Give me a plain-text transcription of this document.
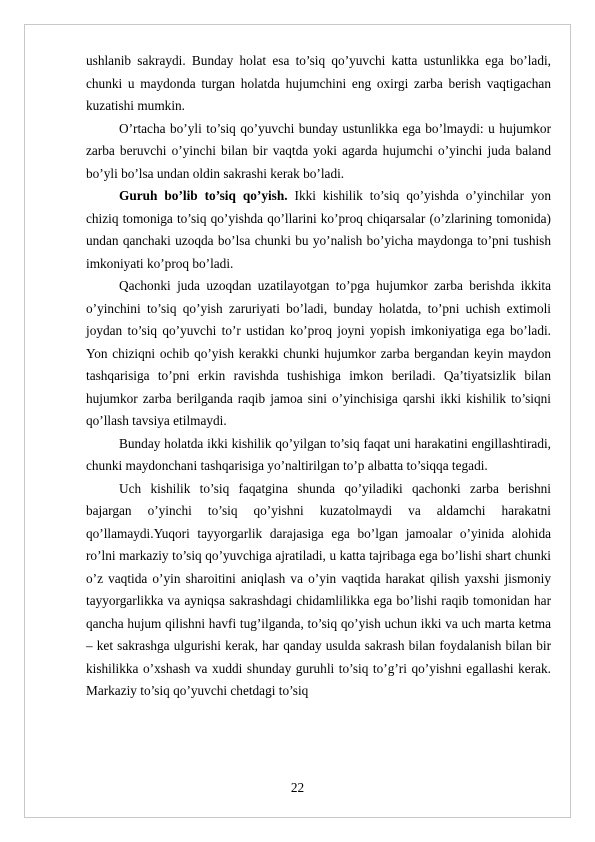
ushlanib sakraydi. Bunday holat esa to’siq qo’yuvchi katta ustunlikka ega bo’ladi, chunki u maydonda turgan holatda hujumchini eng oxirgi zarba berish vaqtigachan kuzatishi mumkin.

O’rtacha bo’yli to’siq qo’yuvchi bunday ustunlikka ega bo’lmaydi: u hujumkor zarba beruvchi o’yinchi bilan bir vaqtda yoki agarda hujumchi o’yinchi juda baland bo’yli bo’lsa undan oldin sakrashi kerak bo’ladi.

Guruh bo’lib to’siq qo’yish. Ikki kishilik to’siq qo’yishda o’yinchilar yon chiziq tomoniga to’siq qo’yishda qo’llarini ko’proq chiqarsalar (o’zlarining tomonida) undan qanchaki uzoqda bo’lsa chunki bu yo’nalish bo’yicha maydonga to’pni tushish imkoniyati ko’proq bo’ladi.

Qachonki juda uzoqdan uzatilayotgan to’pga hujumkor zarba berishda ikkita o’yinchini to’siq qo’yish zaruriyati bo’ladi, bunday holatda, to’pni uchish extimoli joydan to’siq qo’yuvchi to’r ustidan ko’proq joyni yopish imkoniyatiga ega bo’ladi. Yon chiziqni ochib qo’yish kerakki chunki hujumkor zarba bergandan keyin maydon tashqarisiga to’pni erkin ravishda tushishiga imkon beriladi. Qa’tiyatsizlik bilan hujumkor zarba berilganda raqib jamoa sini o’yinchisiga qarshi ikki kishilik to’siqni qo’llash tavsiya etilmaydi.

Bunday holatda ikki kishilik qo’yilgan to’siq faqat uni harakatini engillashtiradi, chunki maydonchani tashqarisiga yo’naltirilgan to’p albatta to’siqqa tegadi.

Uch kishilik to’siq faqatgina shunda qo’yiladiki qachonki zarba berishni bajargan o’yinchi to’siq qo’yishni kuzatolmaydi va aldamchi harakatni qo’llamaydi.Yuqori tayyorgarlik darajasiga ega bo’lgan jamoalar o’yinida alohida ro’lni markaziy to’siq qo’yuvchiga ajratiladi, u katta tajribaga ega bo’lishi shart chunki o’z vaqtida o’yin sharoitini aniqlash va o’yin vaqtida harakat qilish yaxshi jismoniy tayyorgarlikka va ayniqsa sakrashdagi chidamlilikka ega bo’lishi raqib tomonidan har qancha hujum qilishni havfi tug’ilganda, to’siq qo’yish uchun ikki va uch marta ketma – ket sakrashga ulgurishi kerak, har qanday usulda sakrash bilan foydalanish bilan bir kishilikka o’xshash va xuddi shunday guruhli to’siq to’g’ri qo’yishni egallashi kerak. Markaziy to’siq qo’yuvchi chetdagi to’siq

22
